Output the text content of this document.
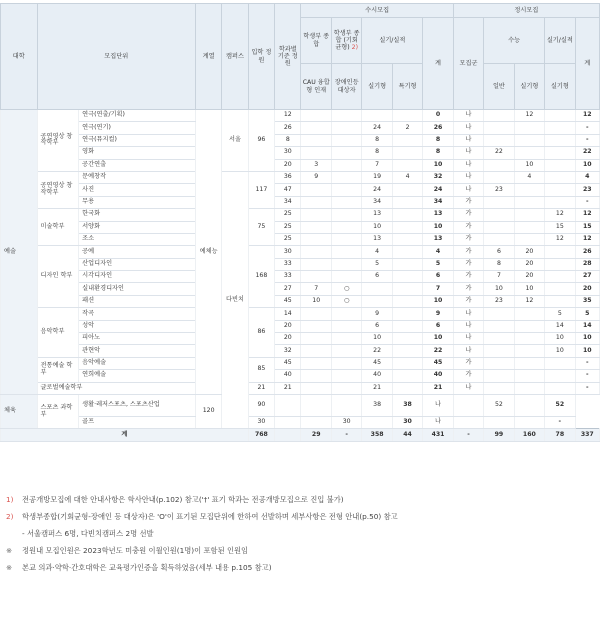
대학	모집단위		계열	캠퍼스	입학 정원	학과별 기준 정원	수시모집					정시모집				
							학생부 종합	학생부 종합 (기회 균형) 2)	실기/실적		계	모집군	수능		실기/실적	계
							CAU 융합형 인재	장애인등 대상자	실기형	특기형			일반	실기형	실기형	
예술	공연영상 창작학부	연극(연출/기획)	예체능	서울	96	12					0	나		12		12
		연극(연기)				26			24	2	26	나				-
		연극(뮤지컬)				8			8		8	나				-
		영화				30			8		8	나	22			22
		공간연출				20	3		7		10	나		10		10
	공연영상 창작학부	문예창작		다빈치	117	36	9		19	4	32	나		4		4
		사진				47			24		24	나	23			23
		무용				34			34		34	가				-
	미술학부	한국화			75	25			13		13	가			12	12
		서양화				25			10		10	가			15	15
		조소				25			13		13	가			12	12
	디자인 학부	공예			168	30			4		4	가	6	20		26
		산업디자인				33			5		5	가	8	20		28
		시각디자인				33			6		6	가	7	20		27
		실내환경디자인				27	7	○			7	가	10	10		20
		패션				45	10	○			10	가	23	12		35
	음악학부	작곡			86	14			9		9	나			5	5
		성악				20			6		6	나			14	14
		피아노				20			10		10	나			10	10
		관현악				32			22		22	나			10	10
	전통예술 학부	음악예술			85	45			45		45	가				-
		연희예술				40			40		40	가				-
	글로벌예술학부				21	21			21		21	나				-
체육	스포츠 과학부	생활·레저스포츠, 스포츠산업	120		90				38	38	나		52		52	
		골프			30			30		30	나				-	
계					768		29	-	358	44	431	-	99	160	78	337
1)	전공개방모집에 대한 안내사항은 학사안내(p.102) 참고('†' 표기 학과는 전공개방모집으로 진입 불가)
2)	학생부종합(기회균형-장애인 등 대상자)은 'O'이 표기된 모집단위에 한하여 선발하며 세부사항은 전형 안내(p.50) 참고
- 서울캠퍼스 6명, 다빈치캠퍼스 2명 선발
※	정원내 모집인원은 2023학년도 미충원 이월인원(1명)이 포함된 인원임
※	본교 의과·약학·간호대학은 교육평가인증을 획득하였음(세부 내용 p.105 참고)
